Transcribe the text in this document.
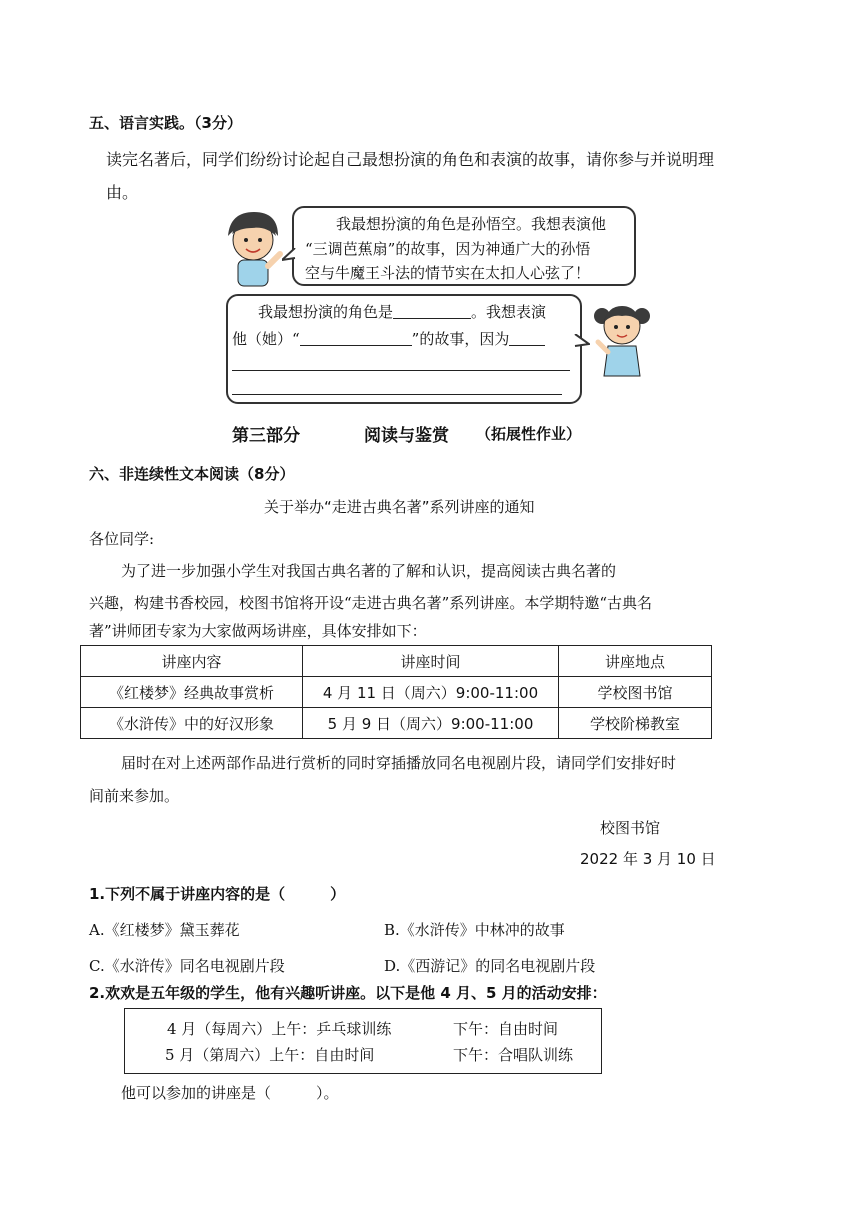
五、语言实践。（3分）
读完名著后，同学们纷纷讨论起自己最想扮演的角色和表演的故事，请你参与并说明理
由。
我最想扮演的角色是孙悟空。我想表演他
“三调芭蕉扇”的故事，因为神通广大的孙悟
空与牛魔王斗法的情节实在太扣人心弦了！
我最想扮演的角色是	。我想表演
他（她）“	”的故事，因为
第三部分	阅读与鉴赏 （拓展性作业）
六、非连续性文本阅读（8分）
关于举办“走进古典名著”系列讲座的通知
各位同学:
为了进一步加强小学生对我国古典名著的了解和认识，提高阅读古典名著的
兴趣，构建书香校园，校图书馆将开设“走进古典名著”系列讲座。本学期特邀“古典名
著”讲师团专家为大家做两场讲座，具体安排如下：
讲座内容	讲座时间	讲座地点
《红楼梦》经典故事赏析	4 月 11 日（周六）9:00-11:00	学校图书馆
《水浒传》中的好汉形象	5 月 9 日（周六）9:00-11:00	学校阶梯教室
届时在对上述两部作品进行赏析的同时穿插播放同名电视剧片段，请同学们安排好时
间前来参加。
校图书馆
2022 年 3 月 10 日
1.下列不属于讲座内容的是（　　　）
A.《红楼梦》黛玉葬花	B.《水浒传》中林冲的故事
C.《水浒传》同名电视剧片段	D.《西游记》的同名电视剧片段
2.欢欢是五年级的学生，他有兴趣听讲座。以下是他 4 月、5 月的活动安排：
4 月（每周六）上午：乒乓球训练	下午：自由时间
5 月（第周六）上午：自由时间	下午：合唱队训练
他可以参加的讲座是（　　　）。
